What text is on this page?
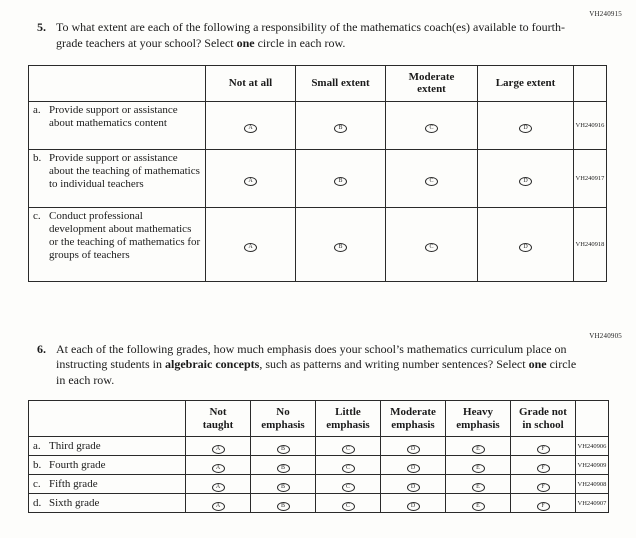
VH240915
5. To what extent are each of the following a responsibility of the mathematics coach(es) available to fourth-grade teachers at your school? Select one circle in each row.
	Not at all	Small extent	Moderate extent	Large extent	

a. Provide support or assistance about mathematics content	A	B	C	D	VH240916

b. Provide support or assistance about the teaching of mathematics to individual teachers	A	B	C	D	VH240917

c. Conduct professional development about mathematics or the teaching of mathematics for groups of teachers	A	B	C	D	VH240918
VH240905
6. At each of the following grades, how much emphasis does your school’s mathematics curriculum place on instructing students in algebraic concepts, such as patterns and writing number sentences? Select one circle in each row.
	Not taught	No emphasis	Little emphasis	Moderate emphasis	Heavy emphasis	Grade not in school	

a. Third grade	A	B	C	D	E	F	VH240906

b. Fourth grade	A	B	C	D	E	F	VH240909

c. Fifth grade	A	B	C	D	E	F	VH240908

d. Sixth grade	A	B	C	D	E	F	VH240907
